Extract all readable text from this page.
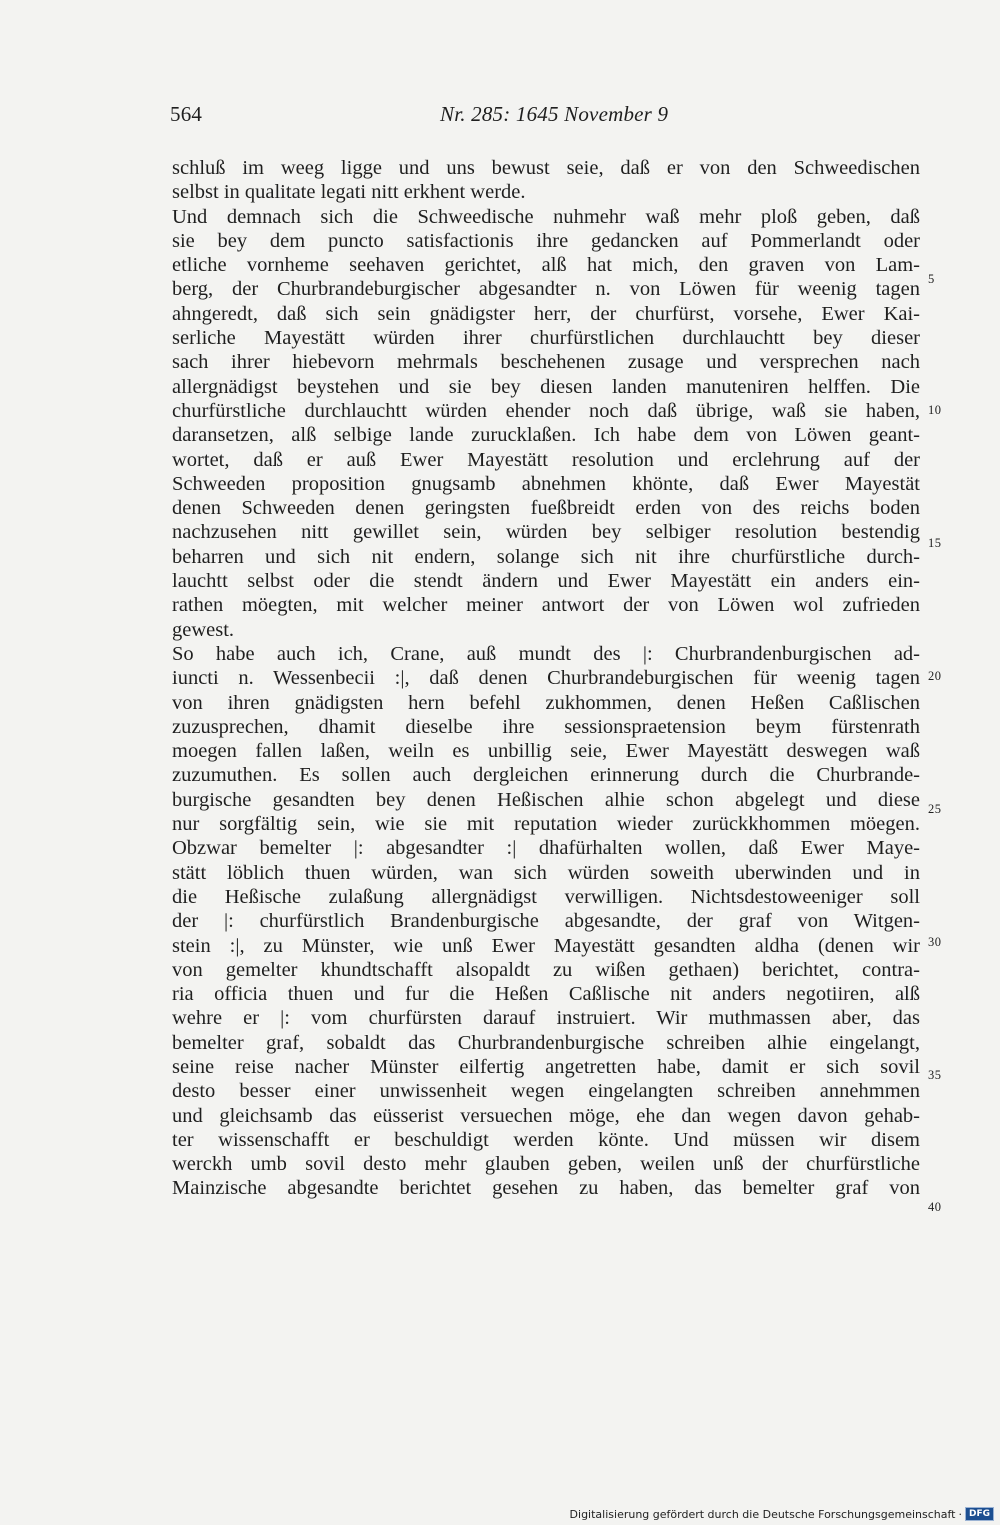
564	Nr. 285: 1645 November 9
schluß im weeg ligge und uns bewust seie, daß er von den Schweedischen
selbst in qualitate legati nitt erkhent werde.
Und demnach sich die Schweedische nuhmehr waß mehr ploß geben, daß
sie bey dem puncto satisfactionis ihre gedancken auf Pommerlandt oder
etliche vornheme seehaven gerichtet, alß hat mich, den graven von Lam-
berg, der Churbrandeburgischer abgesandter n. von Löwen für weenig tagen
ahngeredt, daß sich sein gnädigster herr, der churfürst, vorsehe, Ewer Kai-
serliche Mayestätt würden ihrer churfürstlichen durchlauchtt bey dieser
sach ihrer hiebevorn mehrmals beschehenen zusage und versprechen nach
allergnädigst beystehen und sie bey diesen landen manuteniren helffen. Die
churfürstliche durchlauchtt würden ehender noch daß übrige, waß sie haben,
daransetzen, alß selbige lande zurucklaßen. Ich habe dem von Löwen geant-
wortet, daß er auß Ewer Mayestätt resolution und erclehrung auf der
Schweeden proposition gnugsamb abnehmen khönte, daß Ewer Mayestät
denen Schweeden denen geringsten fueßbreidt erden von des reichs boden
nachzusehen nitt gewillet sein, würden bey selbiger resolution bestendig
beharren und sich nit endern, solange sich nit ihre churfürstliche durch-
lauchtt selbst oder die stendt ändern und Ewer Mayestätt ein anders ein-
rathen möegten, mit welcher meiner antwort der von Löwen wol zufrieden
gewest.
So habe auch ich, Crane, auß mundt des |: Churbrandenburgischen ad-
iuncti n. Wessenbecii :|, daß denen Churbrandeburgischen für weenig tagen
von ihren gnädigsten hern befehl zukhommen, denen Heßen Caßlischen
zuzusprechen, dhamit dieselbe ihre sessionspraetension beym fürstenrath
moegen fallen laßen, weiln es unbillig seie, Ewer Mayestätt deswegen waß
zuzumuthen. Es sollen auch dergleichen erinnerung durch die Churbrande-
burgische gesandten bey denen Heßischen alhie schon abgelegt und diese
nur sorgfältig sein, wie sie mit reputation wieder zurückkhommen möegen.
Obzwar bemelter |: abgesandter :| dhafürhalten wollen, daß Ewer Maye-
stätt löblich thuen würden, wan sich würden soweith uberwinden und in
die Heßische zulaßung allergnädigst verwilligen. Nichtsdestoweeniger soll
der |: churfürstlich Brandenburgische abgesandte, der graf von Witgen-
stein :|, zu Münster, wie unß Ewer Mayestätt gesandten aldha (denen wir
von gemelter khundtschafft alsopaldt zu wißen gethaen) berichtet, contra-
ria officia thuen und fur die Heßen Caßlische nit anders negotiiren, alß
wehre er |: vom churfürsten darauf instruiert. Wir muthmassen aber, das
bemelter graf, sobaldt das Churbrandenburgische schreiben alhie eingelangt,
seine reise nacher Münster eilfertig angetretten habe, damit er sich sovil
desto besser einer unwissenheit wegen eingelangten schreiben annehmmen
und gleichsamb das eüsserist versuechen möge, ehe dan wegen davon gehab-
ter wissenschafft er beschuldigt werden könte. Und müssen wir disem
werckh umb sovil desto mehr glauben geben, weilen unß der churfürstliche
Mainzische abgesandte berichtet gesehen zu haben, das bemelter graf von
5
10
15
20
25
30
35
40
Digitalisierung gefördert durch die Deutsche Forschungsgemeinschaft · DFG
